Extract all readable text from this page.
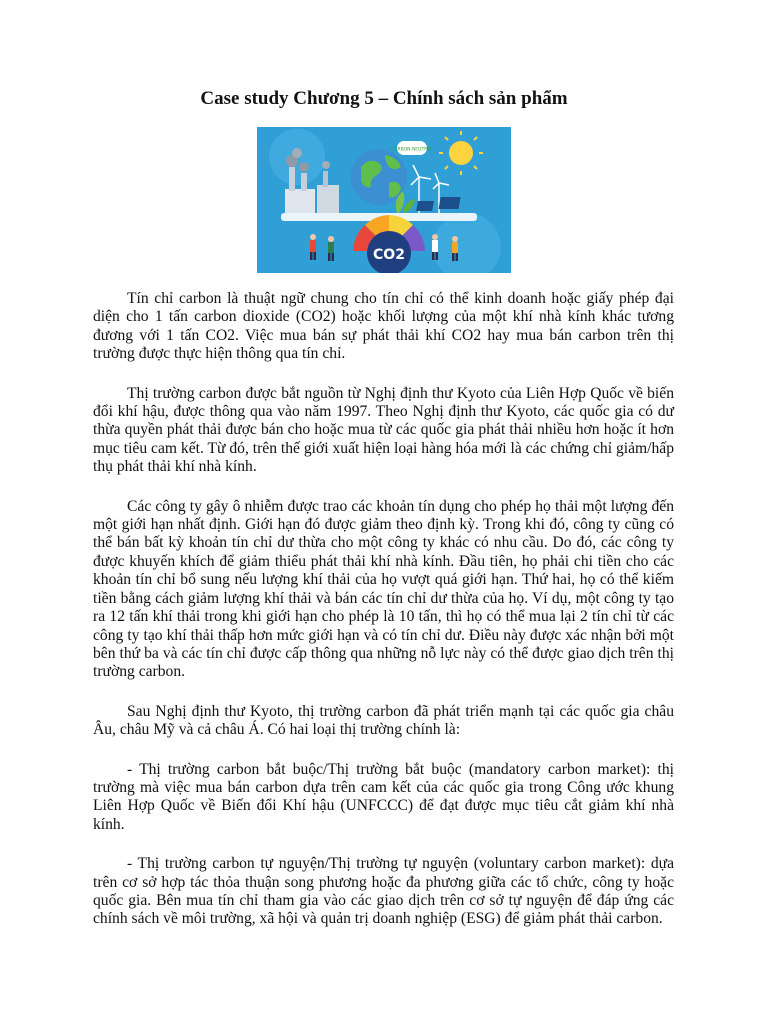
Case study Chương 5 – Chính sách sản phẩm
CARBON NEUTRAL
CO2

Tín chỉ carbon là thuật ngữ chung cho tín chỉ có thể kinh doanh hoặc giấy phép đại diện cho 1 tấn carbon dioxide (CO2) hoặc khối lượng của một khí nhà kính khác tương đương với 1 tấn CO2. Việc mua bán sự phát thải khí CO2 hay mua bán carbon trên thị trường được thực hiện thông qua tín chỉ.

Thị trường carbon được bắt nguồn từ Nghị định thư Kyoto của Liên Hợp Quốc về biến đổi khí hậu, được thông qua vào năm 1997. Theo Nghị định thư Kyoto, các quốc gia có dư thừa quyền phát thải được bán cho hoặc mua từ các quốc gia phát thải nhiều hơn hoặc ít hơn mục tiêu cam kết. Từ đó, trên thế giới xuất hiện loại hàng hóa mới là các chứng chỉ giảm/hấp thụ phát thải khí nhà kính.

Các công ty gây ô nhiễm được trao các khoản tín dụng cho phép họ thải một lượng đến một giới hạn nhất định. Giới hạn đó được giảm theo định kỳ. Trong khi đó, công ty cũng có thể bán bất kỳ khoản tín chỉ dư thừa cho một công ty khác có nhu cầu. Do đó, các công ty được khuyến khích để giảm thiểu phát thải khí nhà kính. Đầu tiên, họ phải chi tiền cho các khoản tín chỉ bổ sung nếu lượng khí thải của họ vượt quá giới hạn. Thứ hai, họ có thể kiếm tiền bằng cách giảm lượng khí thải và bán các tín chỉ dư thừa của họ. Ví dụ, một công ty tạo ra 12 tấn khí thải trong khi giới hạn cho phép là 10 tấn, thì họ có thể mua lại 2 tín chỉ từ các công ty tạo khí thải thấp hơn mức giới hạn và có tín chỉ dư. Điều này được xác nhận bởi một bên thứ ba và các tín chỉ được cấp thông qua những nỗ lực này có thể được giao dịch trên thị trường carbon.

Sau Nghị định thư Kyoto, thị trường carbon đã phát triển mạnh tại các quốc gia châu Âu, châu Mỹ và cả châu Á. Có hai loại thị trường chính là:

- Thị trường carbon bắt buộc/Thị trường bắt buộc (mandatory carbon market): thị trường mà việc mua bán carbon dựa trên cam kết của các quốc gia trong Công ước khung Liên Hợp Quốc về Biến đổi Khí hậu (UNFCCC) để đạt được mục tiêu cắt giảm khí nhà kính.

- Thị trường carbon tự nguyện/Thị trường tự nguyện (voluntary carbon market): dựa trên cơ sở hợp tác thỏa thuận song phương hoặc đa phương giữa các tổ chức, công ty hoặc quốc gia. Bên mua tín chỉ tham gia vào các giao dịch trên cơ sở tự nguyện để đáp ứng các chính sách về môi trường, xã hội và quản trị doanh nghiệp (ESG) để giảm phát thải carbon.
